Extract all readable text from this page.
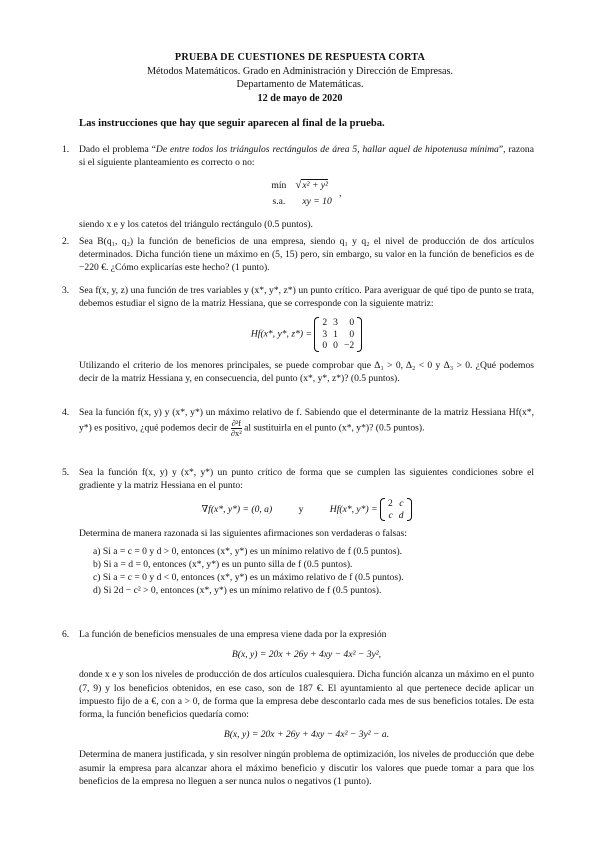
PRUEBA DE CUESTIONES DE RESPUESTA CORTA
Métodos Matemáticos. Grado en Administración y Dirección de Empresas.
Departamento de Matemáticas.
12 de mayo de 2020
Las instrucciones que hay que seguir aparecen al final de la prueba.
1.	Dado el problema “De entre todos los triángulos rectángulos de área 5, hallar aquel de hipotenusa mínima”, razona si el siguiente planteamiento es correcto o no:

mín	√x² + y²
s.a.	xy = 10 ,

siendo x e y los catetos del triángulo rectángulo (0.5 puntos).

2.	Sea B(q₁, q₂) la función de beneficios de una empresa, siendo q₁ y q₂ el nivel de producción de dos artículos determinados. Dicha función tiene un máximo en (5, 15) pero, sin embargo, su valor en la función de beneficios es de −220 €. ¿Cómo explicarías este hecho? (1 punto).

3.	Sea f(x, y, z) una función de tres variables y (x*, y*, z*) un punto crítico. Para averiguar de qué tipo de punto se trata, debemos estudiar el signo de la matriz Hessiana, que se corresponde con la siguiente matriz:

Hf(x*, y*, z*) =
2	3	0
3	1	0
0	0	−2

Utilizando el criterio de los menores principales, se puede comprobar que Δ₁ > 0, Δ₂ < 0 y Δ₃ > 0. ¿Qué podemos decir de la matriz Hessiana y, en consecuencia, del punto (x*, y*, z*)? (0.5 puntos).

4.	Sea la función f(x, y) y (x*, y*) un máximo relativo de f. Sabiendo que el determinante de la matriz Hessiana Hf(x*, y*) es positivo, ¿qué podemos decir de $\frac{\text{∂²f}}{\text{∂x²}}$ al sustituirla en el punto (x*, y*)? (0.5 puntos).

5.	Sea la función f(x, y) y (x*, y*) un punto crítico de forma que se cumplen las siguientes condiciones sobre el gradiente y la matriz Hessiana en el punto:

∇f(x*, y*) = (0, a)	y	Hf(x*, y*) =
2	c
c	d

Determina de manera razonada si las siguientes afirmaciones son verdaderas o falsas:

a) Si a = c = 0 y d > 0, entonces (x*, y*) es un mínimo relativo de f (0.5 puntos).
b) Si a = d = 0, entonces (x*, y*) es un punto silla de f (0.5 puntos).
c) Si a = c = 0 y d < 0, entonces (x*, y*) es un máximo relativo de f (0.5 puntos).
d) Si 2d − c² > 0, entonces (x*, y*) es un mínimo relativo de f (0.5 puntos).
6.	La función de beneficios mensuales de una empresa viene dada por la expresión

B(x, y) = 20x + 26y + 4xy − 4x² − 3y²,

donde x e y son los niveles de producción de dos artículos cualesquiera. Dicha función alcanza un máximo en el punto (7, 9) y los beneficios obtenidos, en ese caso, son de 187 €. El ayuntamiento al que pertenece decide aplicar un impuesto fijo de a €, con a > 0, de forma que la empresa debe descontarlo cada mes de sus beneficios totales. De esta forma, la función beneficios quedaría como:

B(x, y) = 20x + 26y + 4xy − 4x² − 3y² − a.

Determina de manera justificada, y sin resolver ningún problema de optimización, los niveles de producción que debe asumir la empresa para alcanzar ahora el máximo beneficio y discutir los valores que puede tomar a para que los beneficios de la empresa no lleguen a ser nunca nulos o negativos (1 punto).
